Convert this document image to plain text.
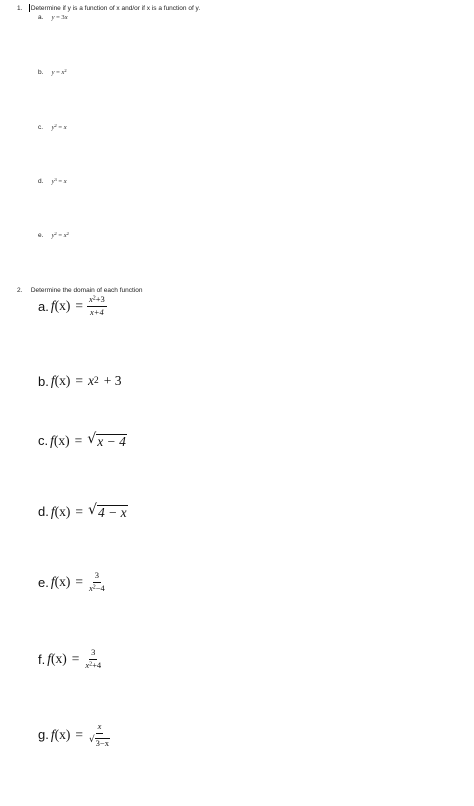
1. Determine if y is a function of x and/or if x is a function of y.
a. y = 3x
b. $y = x^2$
c. $y^2 = x$
d. $y^3 = x$
e. $y^2 = x^2$
2. Determine the domain of each function
a. f $(x) = \frac{x^2+3}{x+4}$
b. f (x) = x 2 + 3
c. f (x) = √ x − 4
d. f (x) = √ 4 − x
e. f $(x) = \frac{3}{x^2-4}$
f. f $(x) = \frac{3}{x^2+4}$
g. f $(x) = \frac{x}{√ 3-x}$
